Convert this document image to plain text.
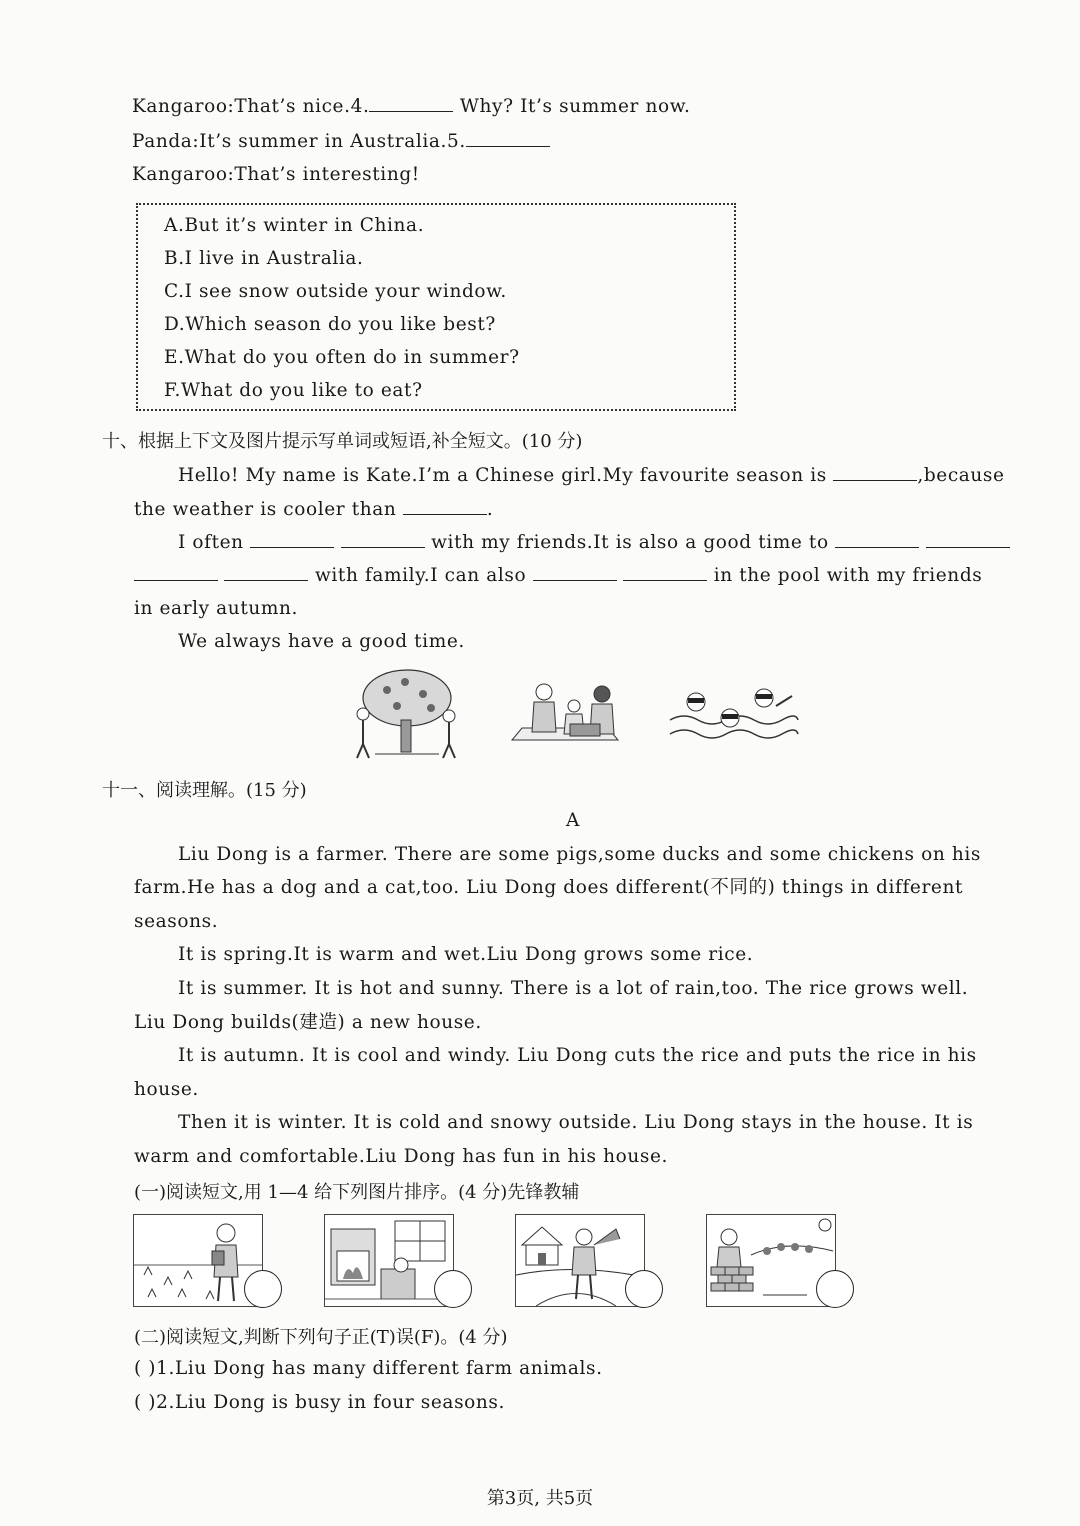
Kangaroo:That’s nice.4.	Why? It’s summer now.
Panda:It’s summer in Australia.5.
Kangaroo:That’s interesting!
A.But it’s winter in China.
B.I live in Australia.
C.I see snow outside your window.
D.Which season do you like best?
E.What do you often do in summer?
F.What do you like to eat?
十、根据上下文及图片提示写单词或短语,补全短文。(10 分)
Hello! My name is Kate.I’m a Chinese girl.My favourite season is	,because
the weather is cooler than	.
I often	with my friends.It is also a good time to
with family.I can also	in the pool with my friends
in early autumn.
We always have a good time.
十一、阅读理解。(15 分)
A
Liu Dong is a farmer. There are some pigs,some ducks and some chickens on his
farm.He has a dog and a cat,too. Liu Dong does different(不同的) things in different
seasons.
It is spring.It is warm and wet.Liu Dong grows some rice.
It is summer. It is hot and sunny. There is a lot of rain,too. The rice grows well.
Liu Dong builds(建造) a new house.
It is autumn. It is cool and windy. Liu Dong cuts the rice and puts the rice in his
house.
Then it is winter. It is cold and snowy outside. Liu Dong stays in the house. It is
warm and comfortable.Liu Dong has fun in his house.
(一)阅读短文,用 1—4 给下列图片排序。(4 分)先锋教辅
(二)阅读短文,判断下列句子正(T)误(F)。(4 分)
( )1.Liu Dong has many different farm animals.
( )2.Liu Dong is busy in four seasons.
第3页, 共5页
